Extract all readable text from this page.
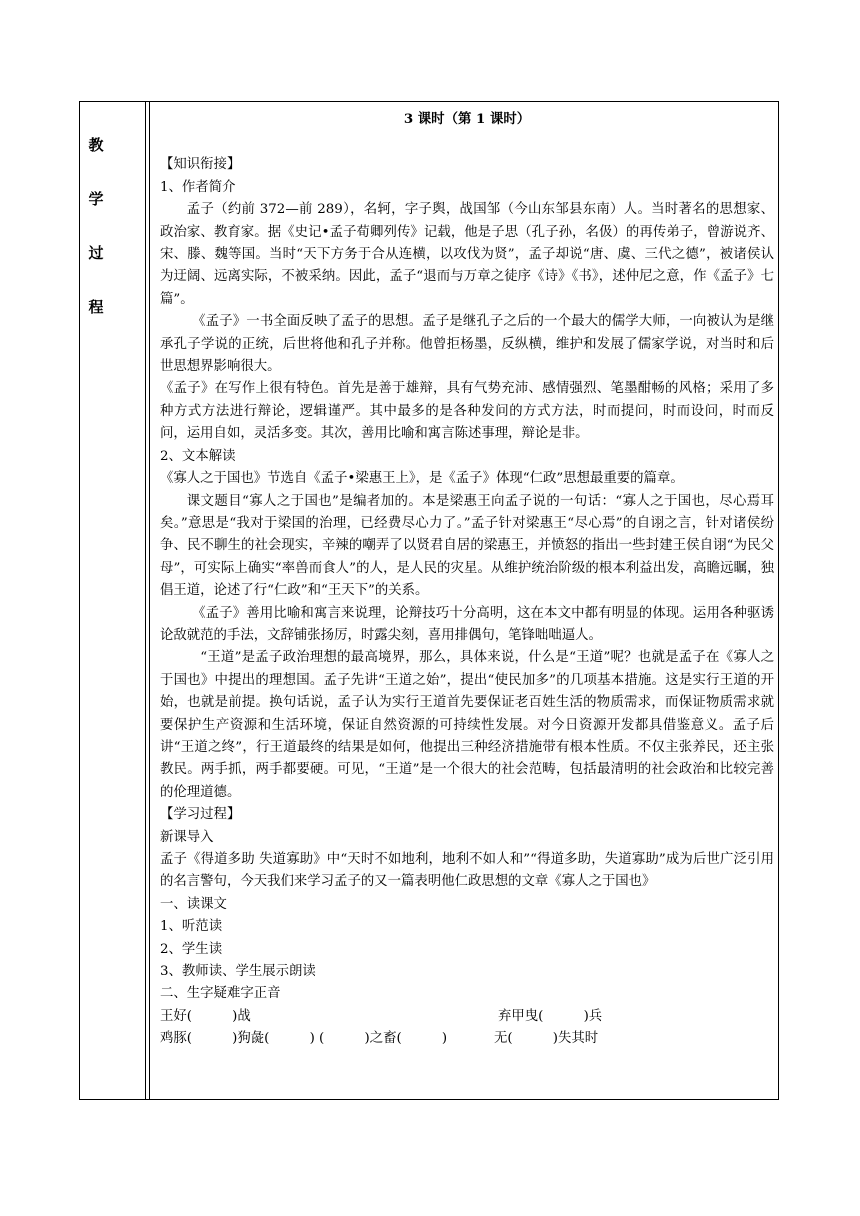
教
学
过
程

3 课时（第 1 课时）

【知识衔接】

1、作者简介

孟子（约前 372—前 289），名轲，字子舆，战国邹（今山东邹县东南）人。当时著名的思想家、政治家、教育家。据《史记•孟子荀卿列传》记载，他是子思（孔子孙，名伋）的再传弟子，曾游说齐、宋、滕、魏等国。当时“天下方务于合从连横，以攻伐为贤”，孟子却说“唐、虞、三代之德”，被诸侯认为迂阔、远离实际，不被采纳。因此，孟子“退而与万章之徒序《诗》《书》，述仲尼之意，作《孟子》七篇”。

《孟子》一书全面反映了孟子的思想。孟子是继孔子之后的一个最大的儒学大师，一向被认为是继承孔子学说的正统，后世将他和孔子并称。他曾拒杨墨，反纵横，维护和发展了儒家学说，对当时和后世思想界影响很大。

《孟子》在写作上很有特色。首先是善于雄辩，具有气势充沛、感情强烈、笔墨酣畅的风格；采用了多种方式方法进行辩论，逻辑谨严。其中最多的是各种发问的方式方法，时而提问，时而设问，时而反问，运用自如，灵活多变。其次，善用比喻和寓言陈述事理，辩论是非。

2、文本解读

《寡人之于国也》节选自《孟子•梁惠王上》，是《孟子》体现“仁政”思想最重要的篇章。

课文题目“寡人之于国也”是编者加的。本是梁惠王向孟子说的一句话：“寡人之于国也，尽心焉耳矣。”意思是“我对于梁国的治理，已经费尽心力了。”孟子针对梁惠王“尽心焉”的自诩之言，针对诸侯纷争、民不聊生的社会现实，辛辣的嘲弄了以贤君自居的梁惠王，并愤怒的指出一些封建王侯自诩“为民父母”，可实际上确实“率兽而食人”的人，是人民的灾星。从维护统治阶级的根本利益出发，高瞻远瞩，独倡王道，论述了行“仁政”和“王天下”的关系。

《孟子》善用比喻和寓言来说理，论辩技巧十分高明，这在本文中都有明显的体现。运用各种驱诱论敌就范的手法，文辞铺张扬厉，时露尖刻，喜用排偶句，笔锋咄咄逼人。

“王道”是孟子政治理想的最高境界，那么，具体来说，什么是“王道”呢？也就是孟子在《寡人之于国也》中提出的理想国。孟子先讲“王道之始”，提出“使民加多”的几项基本措施。这是实行王道的开始，也就是前提。换句话说，孟子认为实行王道首先要保证老百姓生活的物质需求，而保证物质需求就要保护生产资源和生活环境，保证自然资源的可持续性发展。对今日资源开发都具借鉴意义。孟子后讲“王道之终”，行王道最终的结果是如何，他提出三种经济措施带有根本性质。不仅主张养民，还主张教民。两手抓，两手都要硬。可见，“王道”是一个很大的社会范畴，包括最清明的社会政治和比较完善的伦理道德。

【学习过程】

新课导入

孟子《得道多助 失道寡助》中“天时不如地利，地利不如人和”“得道多助，失道寡助”成为后世广泛引用的名言警句，今天我们来学习孟子的又一篇表明他仁政思想的文章《寡人之于国也》

一、读课文

1、听范读

2、学生读

3、教师读、学生展示朗读

二、生字疑难字正音

王好(　　　)战	弃甲曳(　　　)兵
鸡豚(　　　)狗彘(　　　) (　　　)之畜(　　　)	无(　　　)失其时
